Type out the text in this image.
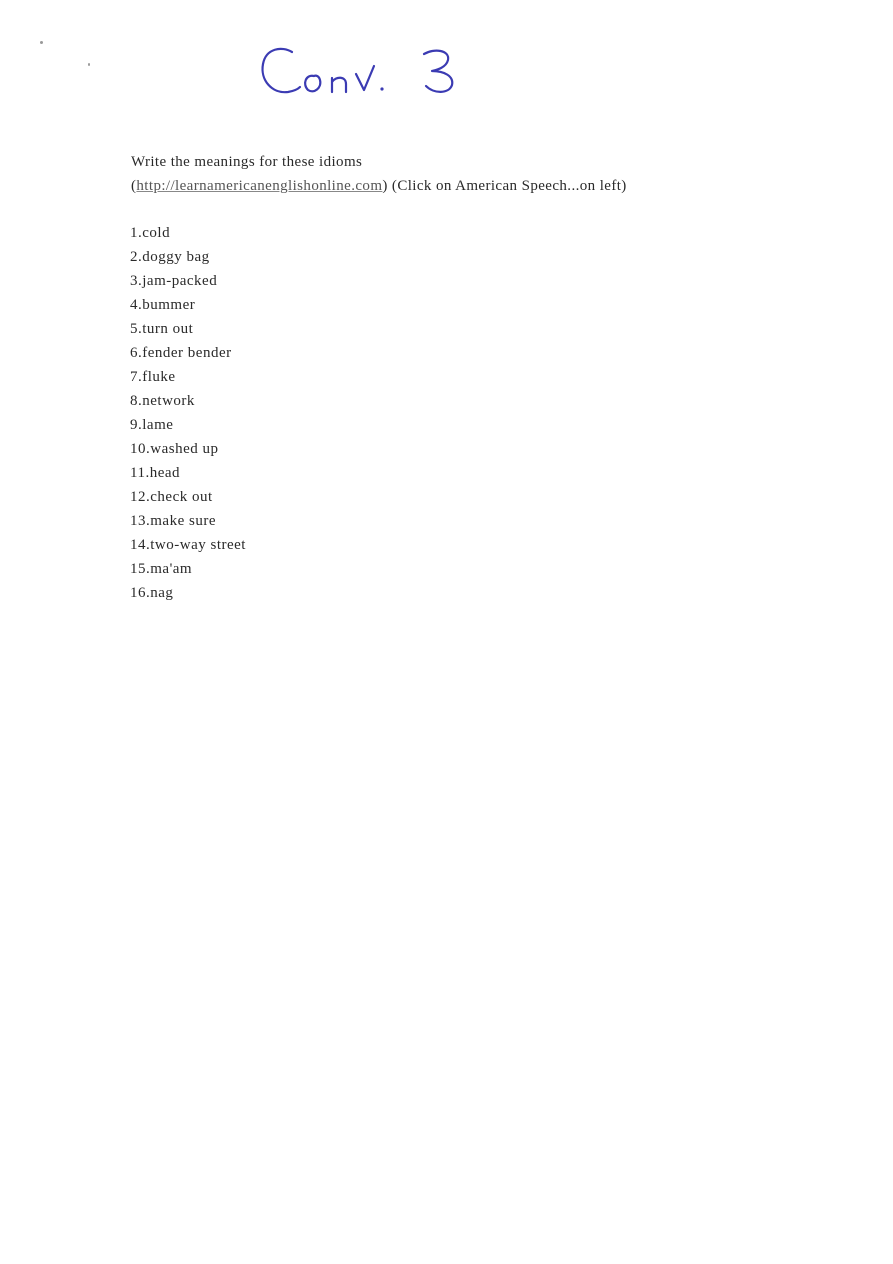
Write the meanings for these idioms
(http://learnamericanenglishonline.com) (Click on American Speech...on left)
1.cold
2.doggy bag
3.jam-packed
4.bummer
5.turn out
6.fender bender
7.fluke
8.network
9.lame
10.washed up
11.head
12.check out
13.make sure
14.two-way street
15.ma'am
16.nag
